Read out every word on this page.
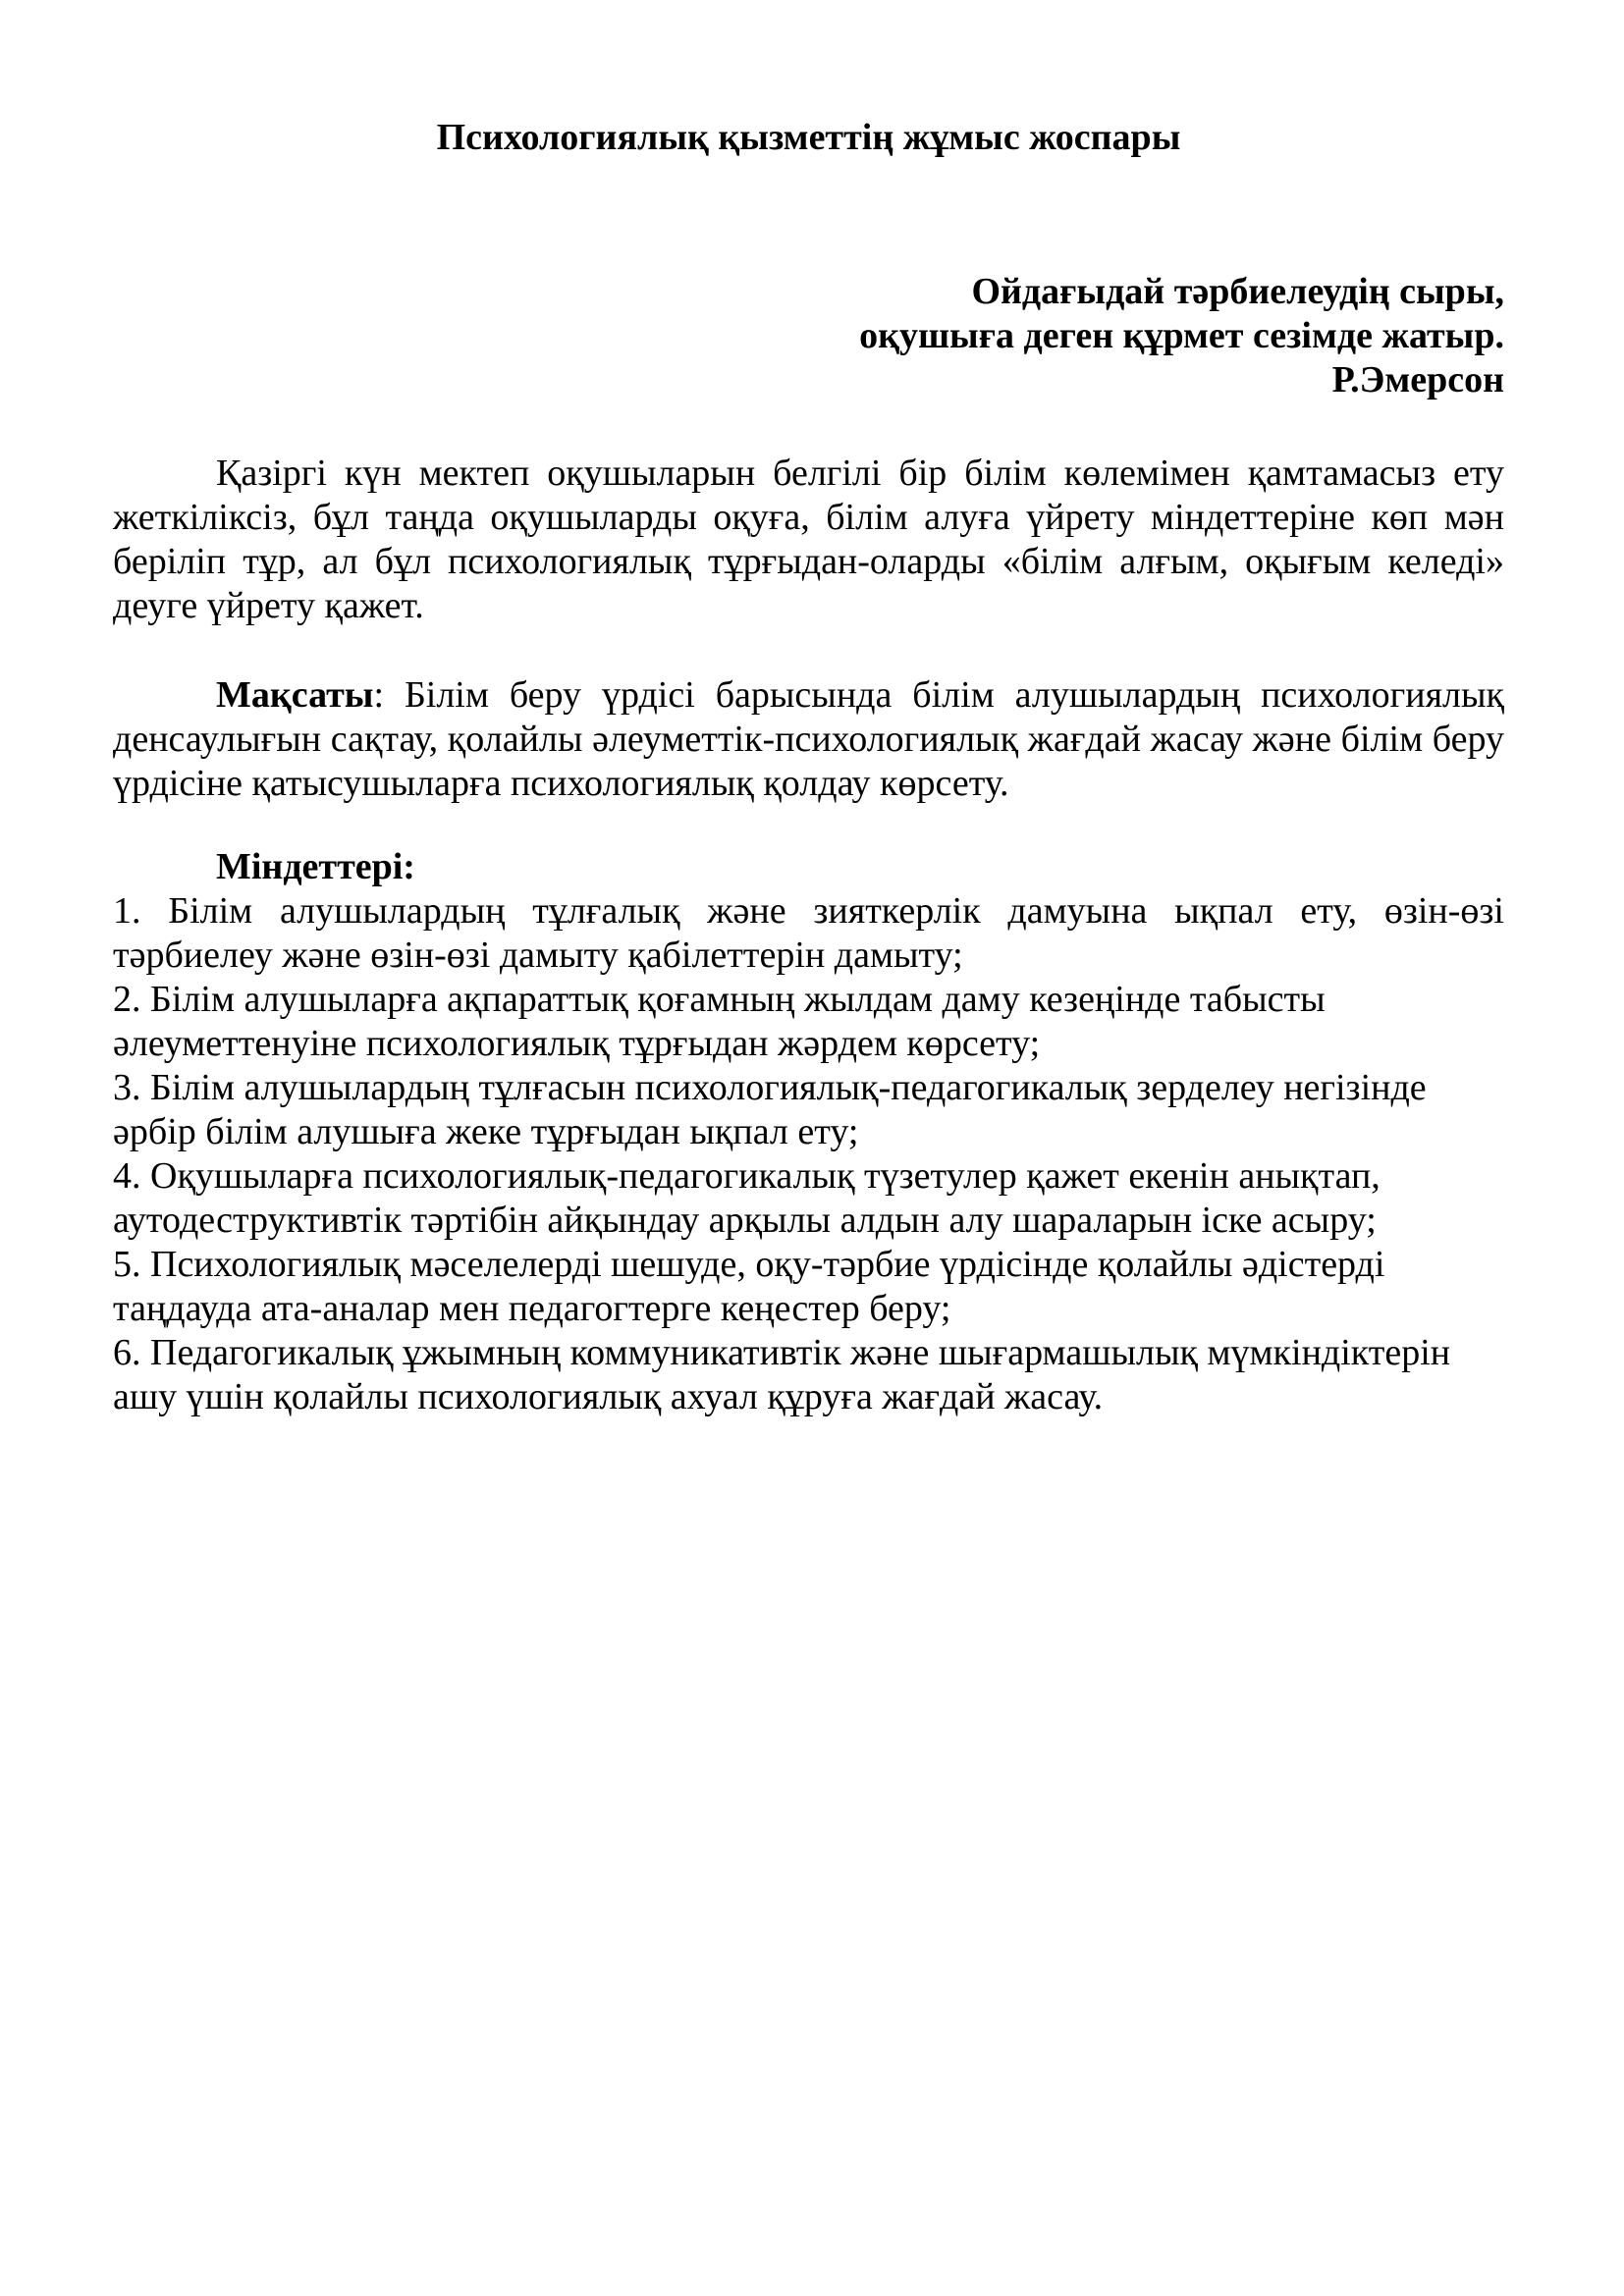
Психологиялық қызметтің жұмыс жоспары
Ойдағыдай тәрбиелеудің сыры,
оқушыға деген құрмет сезімде жатыр.
Р.Эмерсон

Қазіргі күн мектеп оқушыларын белгілі бір білім көлемімен қамтамасыз ету жеткіліксіз, бұл таңда оқушыларды оқуға, білім алуға үйрету міндеттеріне көп мән беріліп тұр, ал бұл психологиялық тұрғыдан-оларды «білім алғым, оқығым келеді» деуге үйрету қажет.

Мақсаты: Білім беру үрдісі барысында білім алушылардың психологиялық денсаулығын сақтау, қолайлы әлеуметтік-психологиялық жағдай жасау және білім беру үрдісіне қатысушыларға психологиялық қолдау көрсету.

Міндеттері:

1. Білім алушылардың тұлғалық және зияткерлік дамуына ықпал ету, өзін-өзі тәрбиелеу және өзін-өзі дамыту қабілеттерін дамыту;
2. Білім алушыларға ақпараттық қоғамның жылдам даму кезеңінде табысты әлеуметтенуіне психологиялық тұрғыдан жәрдем көрсету;
3. Білім алушылардың тұлғасын психологиялық-педагогикалық зерделеу негізінде әрбір білім алушыға жеке тұрғыдан ықпал ету;
4. Оқушыларға психологиялық-педагогикалық түзетулер қажет екенін анықтап, аутодеструктивтік тәртібін айқындау арқылы алдын алу шараларын іске асыру;
5. Психологиялық мәселелерді шешуде, оқу-тәрбие үрдісінде қолайлы әдістерді таңдауда ата-аналар мен педагогтерге кеңестер беру;
6. Педагогикалық ұжымның коммуникативтік және шығармашылық мүмкіндіктерін ашу үшін қолайлы психологиялық ахуал құруға жағдай жасау.
